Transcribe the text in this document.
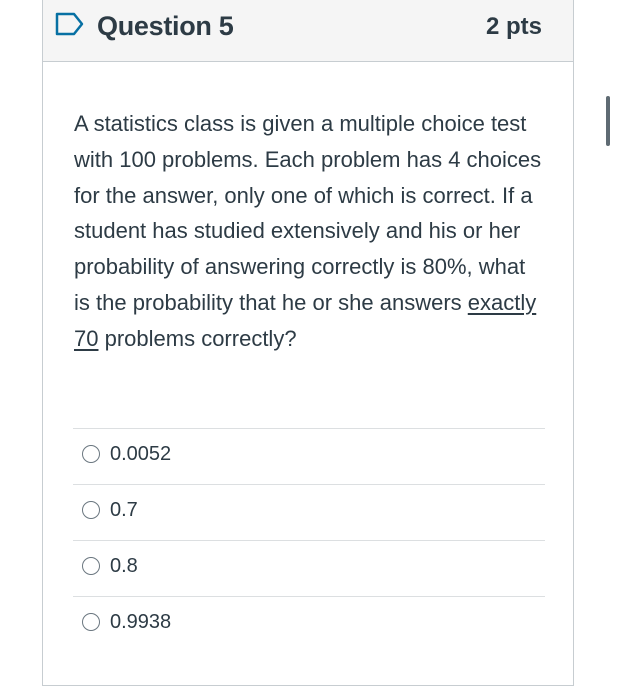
Question 5	2 pts

A statistics class is given a multiple choice test with 100 problems. Each problem has 4 choices for the answer, only one of which is correct. If a student has studied extensively and his or her probability of answering correctly is 80%, what is the probability that he or she answers exactly 70 problems correctly?

0.0052
0.7
0.8
0.9938
